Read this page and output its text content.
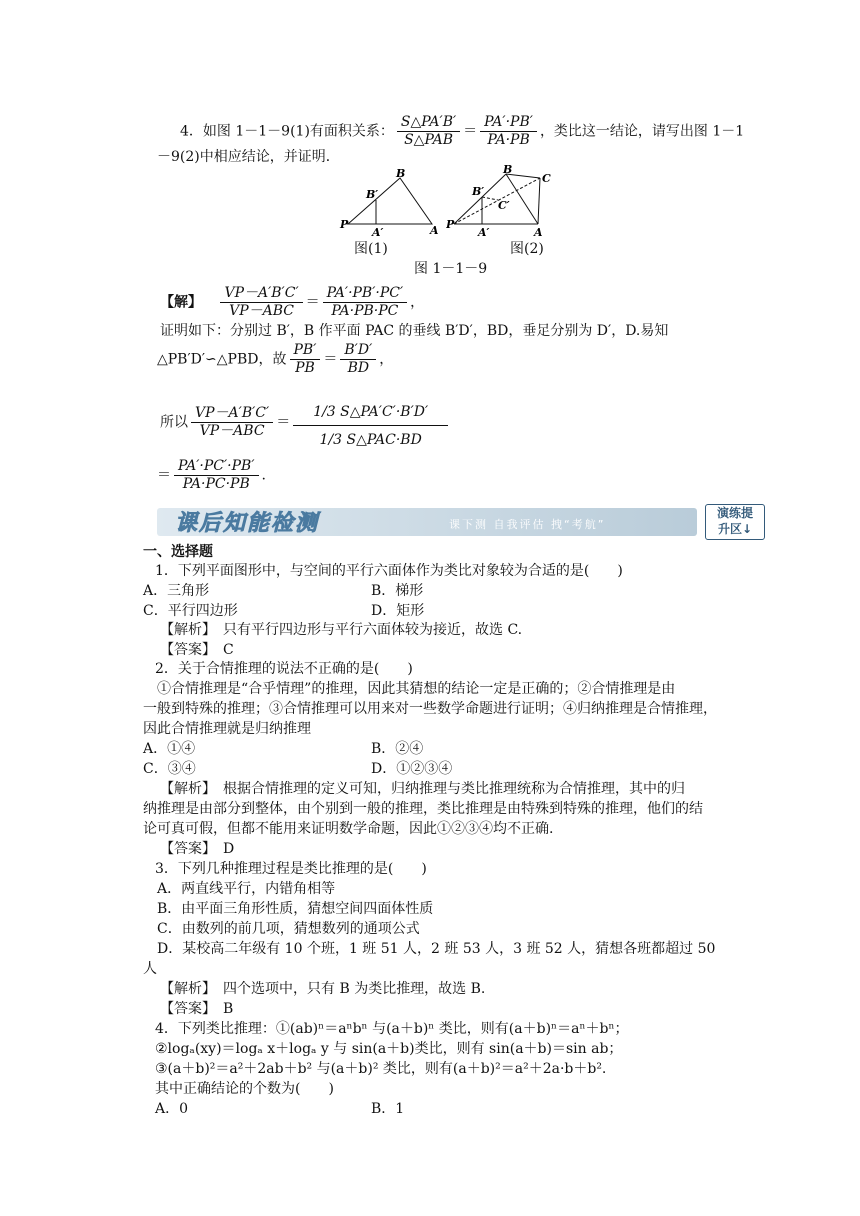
4．如图 1－1－9(1)有面积关系： $\frac{S\triangle PA'B'}{\text{S△PAB}} = \frac{PA'\cdot PB'}{PA\cdot PB}$ ，类比这一结论，请写出图 1－1
－9(2)中相应结论，并证明．
B
B′
P
A′	A
图(1)
B
C
B′
C′
P
A′	A
图(2)
图 1－1－9
【解】 $\frac{VP-A'B'C'}{\text{VP－ABC}} = \frac{PA'\cdot PB'\cdot PC'}{PA\cdot PB\cdot PC}$ ，
证明如下：分别过 B′，B 作平面 PAC 的垂线 B′D′，BD，垂足分别为 D′，D.易知
△PB′D′∽△PBD，故 $\frac{PB'}{PB} = \frac{B'D'}{BD}$ ，
所以 $\frac{VP-A'B'C'}{\text{VP－ABC}} = \frac{1/3 S\triangle PA'C'\cdot B'D'}{\text{1/3 S△PAC·BD}}$
＝ $\frac{PA'\cdot PC'\cdot PB'}{PA\cdot PC\cdot PB}$ .
课后知能检测	课下测 自我评估 拽“考航”
演练提
升区↓
一、选择题
1．下列平面图形中，与空间的平行六面体作为类比对象较为合适的是(　　)
A．三角形	B．梯形
C．平行四边形	D．矩形
【解析】　只有平行四边形与平行六面体较为接近，故选 C.
【答案】　C
2．关于合情推理的说法不正确的是(　　)
①合情推理是“合乎情理”的推理，因此其猜想的结论一定是正确的；②合情推理是由
一般到特殊的推理；③合情推理可以用来对一些数学命题进行证明；④归纳推理是合情推理，
因此合情推理就是归纳推理
A．①④	B．②④
C．③④	D．①②③④
【解析】　根据合情推理的定义可知，归纳推理与类比推理统称为合情推理，其中的归
纳推理是由部分到整体，由个别到一般的推理，类比推理是由特殊到特殊的推理，他们的结
论可真可假，但都不能用来证明数学命题，因此①②③④均不正确.
【答案】　D
3．下列几种推理过程是类比推理的是(　　)
A．两直线平行，内错角相等
B．由平面三角形性质，猜想空间四面体性质
C．由数列的前几项，猜想数列的通项公式
D．某校高二年级有 10 个班，1 班 51 人，2 班 53 人，3 班 52 人，猜想各班都超过 50
人
【解析】　四个选项中，只有 B 为类比推理，故选 B.
【答案】　B
4．下列类比推理：①(ab)ⁿ＝aⁿbⁿ 与(a＋b)ⁿ 类比，则有(a＋b)ⁿ＝aⁿ＋bⁿ；
②logₐ(xy)＝logₐ x＋logₐ y 与 sin(a＋b)类比，则有 sin(a＋b)＝sin ab；
③(a＋b)²＝a²＋2ab＋b² 与(a＋b)² 类比，则有(a＋b)²＝a²＋2a·b＋b².
其中正确结论的个数为(　　)
A．0	B．1
